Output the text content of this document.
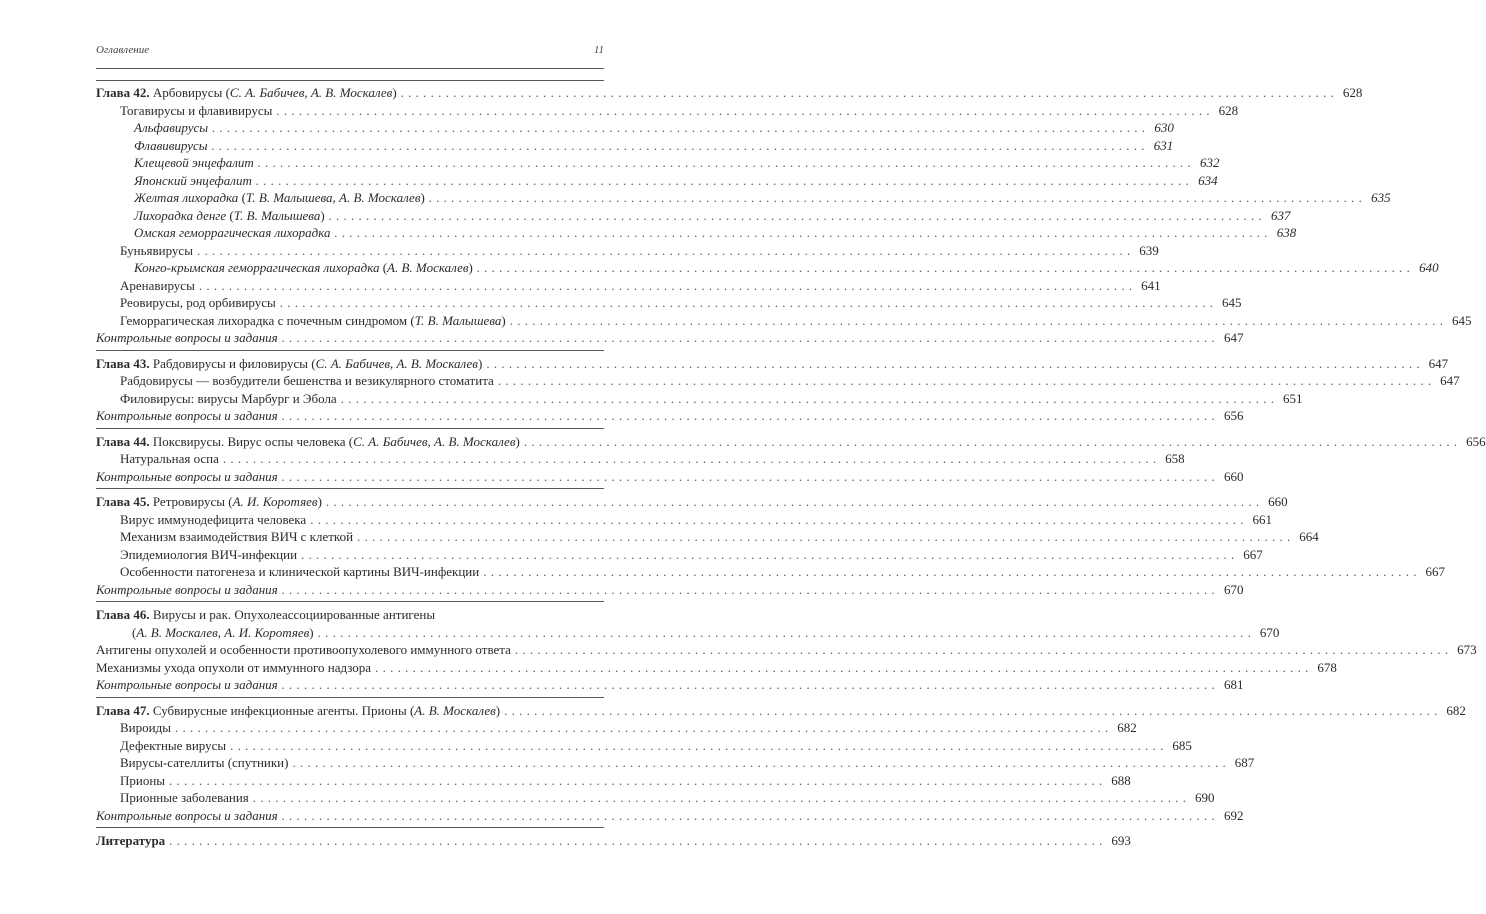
Оглавление	11
Глава 42. Арбовирусы (С. А. Бабичев, А. В. Москалев) . . .	628
Тогавирусы и флавивирусы . . .	628
Альфавирусы . . .	630
Флавивирусы . . .	631
Клещевой энцефалит . . .	632
Японский энцефалит . . .	634
Желтая лихорадка (Т. В. Малышева, А. В. Москалев) . . .	635
Лихорадка денге (Т. В. Малышева) . . .	637
Омская геморрагическая лихорадка . . .	638
Буньявирусы . . .	639
Конго-крымская геморрагическая лихорадка (А. В. Москалев) . . .	640
Аренавирусы . . .	641
Реовирусы, род орбивирусы . . .	645
Геморрагическая лихорадка с почечным синдромом (Т. В. Малышева) . . .	645
Контрольные вопросы и задания . . .	647
Глава 43. Рабдовирусы и филовирусы (С. А. Бабичев, А. В. Москалев) . . .	647
Рабдовирусы — возбудители бешенства и везикулярного стоматита . . .	647
Филовирусы: вирусы Марбург и Эбола . . .	651
Контрольные вопросы и задания . . .	656
Глава 44. Поксвирусы. Вирус оспы человека (С. А. Бабичев, А. В. Москалев) . . .	656
Натуральная оспа . . .	658
Контрольные вопросы и задания . . .	660
Глава 45. Ретровирусы (А. И. Коротяев) . . .	660
Вирус иммунодефицита человека . . .	661
Механизм взаимодействия ВИЧ с клеткой . . .	664
Эпидемиология ВИЧ-инфекции . . .	667
Особенности патогенеза и клинической картины ВИЧ-инфекции . . .	667
Контрольные вопросы и задания . . .	670
Глава 46. Вирусы и рак. Опухолеассоциированные антигены
(А. В. Москалев, А. И. Коротяев) . . .	670
Антигены опухолей и особенности противоопухолевого иммунного ответа . . .	673
Механизмы ухода опухоли от иммунного надзора . . .	678
Контрольные вопросы и задания . . .	681
Глава 47. Субвирусные инфекционные агенты. Прионы (А. В. Москалев) . . .	682
Вироиды . . .	682
Дефектные вирусы . . .	685
Вирусы-сателлиты (спутники) . . .	687
Прионы . . .	688
Прионные заболевания . . .	690
Контрольные вопросы и задания . . .	692
Литература . . .	693
